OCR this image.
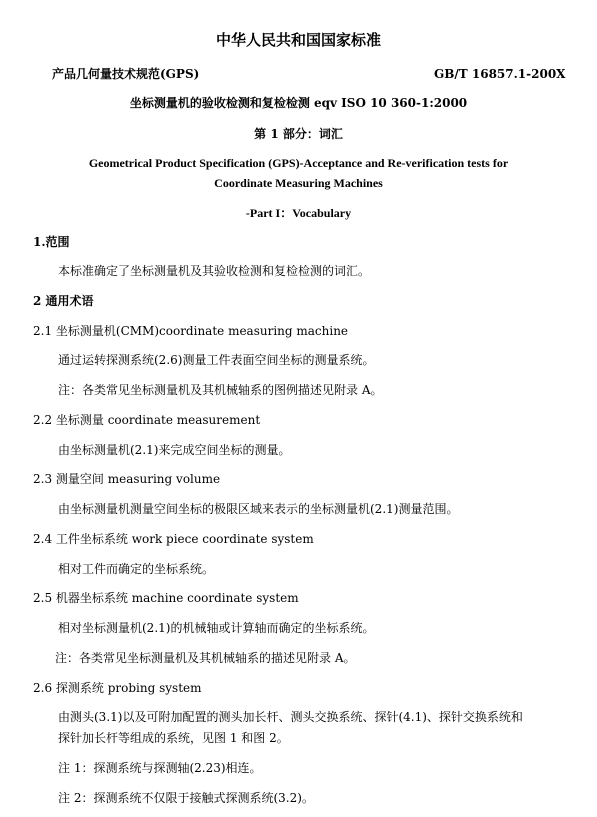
中华人民共和国国家标准
产品几何量技术规范(GPS)	GB/T 16857.1-200X
坐标测量机的验收检测和复检检测 eqv ISO 10 360-1:2000
第 1 部分：词汇
Geometrical Product Specification (GPS)-Acceptance and Re-verification tests for
Coordinate Measuring Machines
-Part I：Vocabulary
1.范围
本标准确定了坐标测量机及其验收检测和复检检测的词汇。
2 通用术语
2.1 坐标测量机(CMM)coordinate measuring machine
通过运转探测系统(2.6)测量工件表面空间坐标的测量系统。
注：各类常见坐标测量机及其机械轴系的图例描述见附录 A。
2.2 坐标测量 coordinate measurement
由坐标测量机(2.1)来完成空间坐标的测量。
2.3 测量空间 measuring volume
由坐标测量机测量空间坐标的极限区域来表示的坐标测量机(2.1)测量范围。
2.4 工件坐标系统 work piece coordinate system
相对工件而确定的坐标系统。
2.5 机器坐标系统 machine coordinate system
相对坐标测量机(2.1)的机械轴或计算轴而确定的坐标系统。
注：各类常见坐标测量机及其机械轴系的描述见附录 A。
2.6 探测系统 probing system
由测头(3.1)以及可附加配置的测头加长杆、测头交换系统、探针(4.1)、探针交换系统和
探针加长杆等组成的系统，见图 1 和图 2。
注 1：探测系统与探测轴(2.23)相连。
注 2：探测系统不仅限于接触式探测系统(3.2)。
